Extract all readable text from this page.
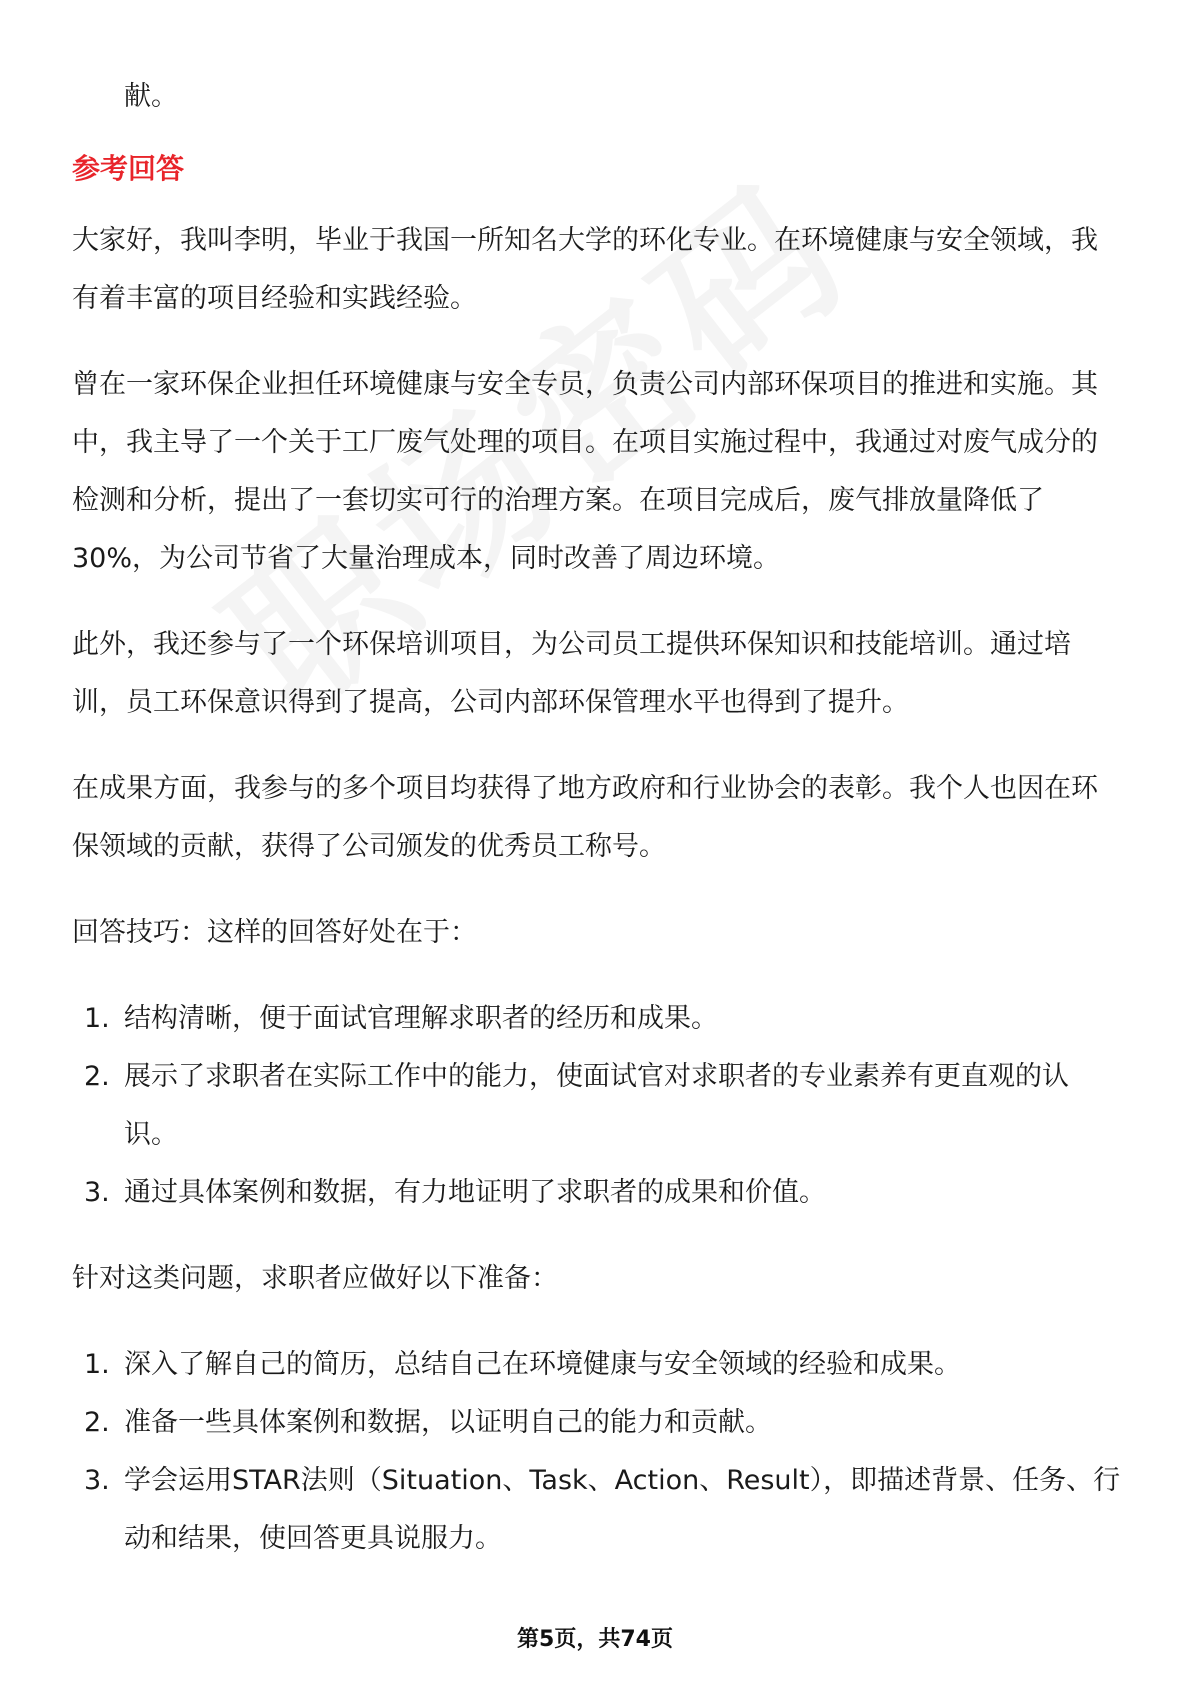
献。

参考回答

大家好，我叫李明，毕业于我国一所知名大学的环化专业。在环境健康与安全领域，我有着丰富的项目经验和实践经验。

曾在一家环保企业担任环境健康与安全专员，负责公司内部环保项目的推进和实施。其中，我主导了一个关于工厂废气处理的项目。在项目实施过程中，我通过对废气成分的检测和分析，提出了一套切实可行的治理方案。在项目完成后，废气排放量降低了30%，为公司节省了大量治理成本，同时改善了周边环境。

此外，我还参与了一个环保培训项目，为公司员工提供环保知识和技能培训。通过培训，员工环保意识得到了提高，公司内部环保管理水平也得到了提升。

在成果方面，我参与的多个项目均获得了地方政府和行业协会的表彰。我个人也因在环保领域的贡献，获得了公司颁发的优秀员工称号。

回答技巧：这样的回答好处在于：

1. 结构清晰，便于面试官理解求职者的经历和成果。
2. 展示了求职者在实际工作中的能力，使面试官对求职者的专业素养有更直观的认识。
3. 通过具体案例和数据，有力地证明了求职者的成果和价值。

针对这类问题，求职者应做好以下准备：

1. 深入了解自己的简历，总结自己在环境健康与安全领域的经验和成果。
2. 准备一些具体案例和数据，以证明自己的能力和贡献。
3. 学会运用STAR法则（Situation、Task、Action、Result），即描述背景、任务、行动和结果，使回答更具说服力。
第5页，共74页
